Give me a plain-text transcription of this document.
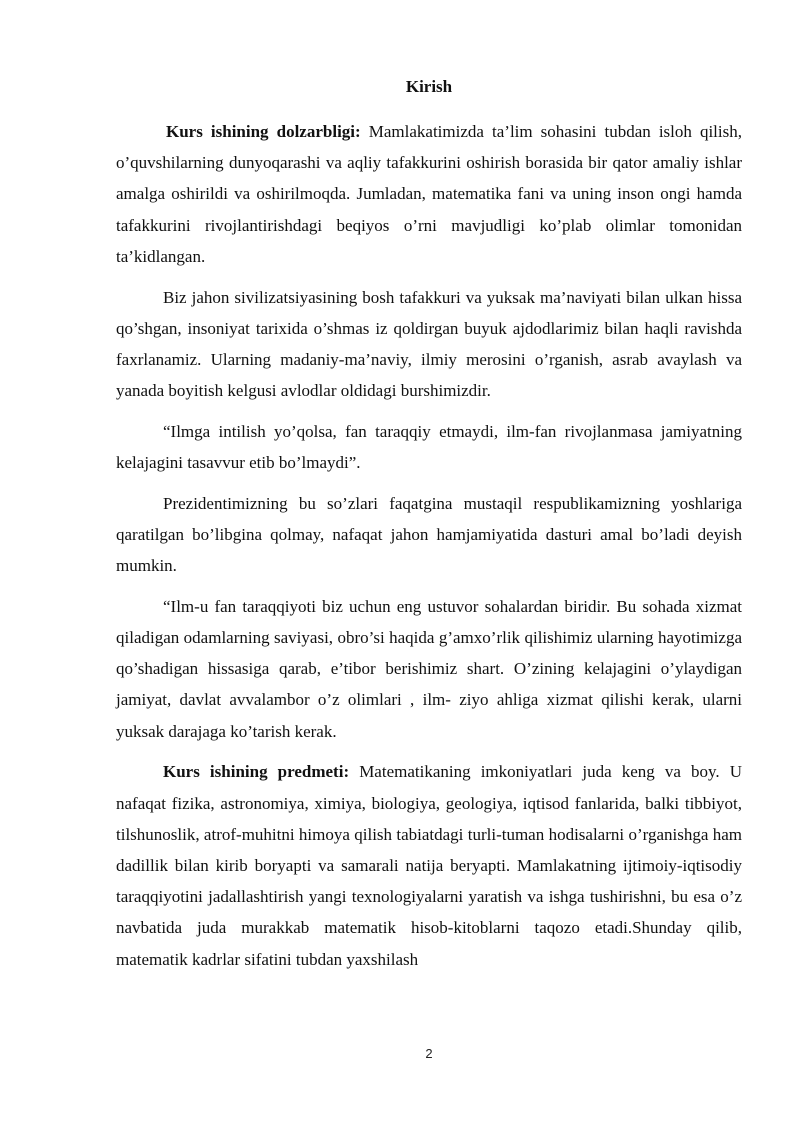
Kirish

Kurs ishining dolzarbligi: Mamlakatimizda ta’lim sohasini tubdan isloh qilish, o’quvshilarning dunyoqarashi va aqliy tafakkurini oshirish borasida bir qator amaliy ishlar amalga oshirildi va oshirilmoqda. Jumladan, matematika fani va uning inson ongi hamda tafakkurini rivojlantirishdagi beqiyos o’rni mavjudligi ko’plab olimlar tomonidan ta’kidlangan.

Biz jahon sivilizatsiyasining bosh tafakkuri va yuksak ma’naviyati bilan ulkan hissa qo’shgan, insoniyat tarixida o’shmas iz qoldirgan buyuk ajdodlarimiz bilan haqli ravishda faxrlanamiz. Ularning madaniy-ma’naviy, ilmiy merosini o’rganish, asrab avaylash va yanada boyitish kelgusi avlodlar oldidagi burshimizdir.

“Ilmga intilish yo’qolsa, fan taraqqiy etmaydi, ilm-fan rivojlanmasa jamiyatning kelajagini tasavvur etib bo’lmaydi”.

Prezidentimizning bu so’zlari faqatgina mustaqil respublikamizning yoshlariga qaratilgan bo’libgina qolmay, nafaqat jahon hamjamiyatida dasturi amal bo’ladi deyish mumkin.

“Ilm-u fan taraqqiyoti biz uchun eng ustuvor sohalardan biridir. Bu sohada xizmat qiladigan odamlarning saviyasi, obro’si haqida g’amxo’rlik qilishimiz ularning hayotimizga qo’shadigan hissasiga qarab, e’tibor berishimiz shart. O’zining kelajagini o’ylaydigan jamiyat, davlat avvalambor o’z olimlari , ilm- ziyo ahliga xizmat qilishi kerak, ularni yuksak darajaga ko’tarish kerak.

Kurs ishining predmeti: Matematikaning imkoniyatlari juda keng va boy. U nafaqat fizika, astronomiya, ximiya, biologiya, geologiya, iqtisod fanlarida, balki tibbiyot, tilshunoslik, atrof-muhitni himoya qilish tabiatdagi turli-tuman hodisalarni o’rganishga ham dadillik bilan kirib boryapti va samarali natija beryapti. Mamlakatning ijtimoiy-iqtisodiy taraqqiyotini jadallashtirish yangi texnologiyalarni yaratish va ishga tushirishni, bu esa o’z navbatida juda murakkab matematik hisob-kitoblarni taqozo etadi.Shunday qilib, matematik kadrlar sifatini tubdan yaxshilash

2
